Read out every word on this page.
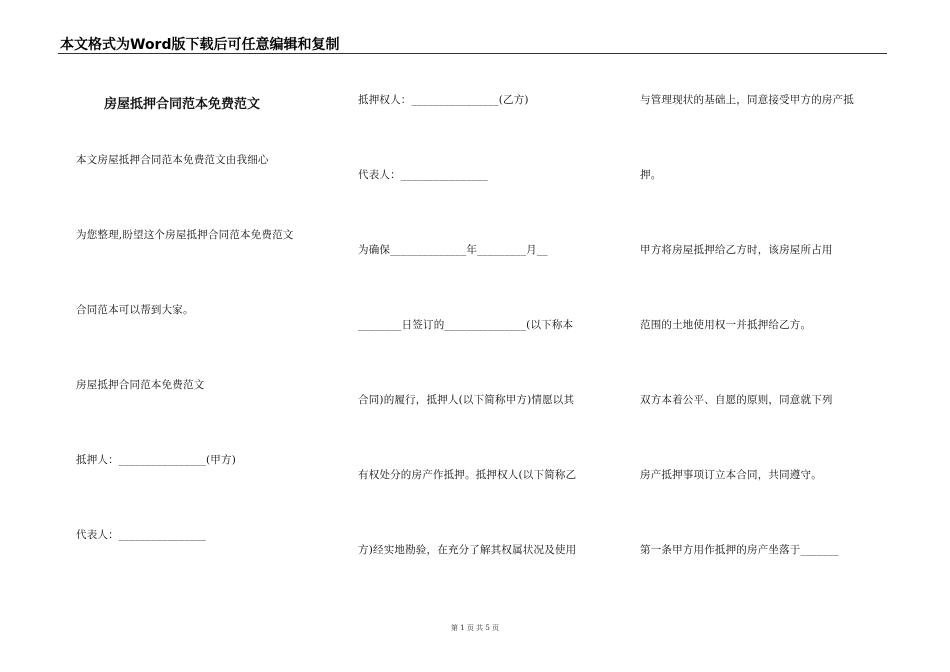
本文格式为Word版下载后可任意编辑和复制
房屋抵押合同范本免费范文
本文房屋抵押合同范本免费范文由我细心
为您整理,盼望这个房屋抵押合同范本免费范文
合同范本可以帮到大家。
房屋抵押合同范本免费范文
抵押人：________________(甲方)
代表人：________________
抵押权人：________________(乙方)
代表人：________________
为确保______________年_________月__
________日签订的_______________(以下称本
合同)的履行，抵押人(以下简称甲方)情愿以其
有权处分的房产作抵押。抵押权人(以下简称乙
方)经实地勘验，在充分了解其权属状况及使用
与管理现状的基础上，同意接受甲方的房产抵
押。
甲方将房屋抵押给乙方时，该房屋所占用
范围的土地使用权一并抵押给乙方。
双方本着公平、自愿的原则，同意就下列
房产抵押事项订立本合同，共同遵守。
第一条甲方用作抵押的房产坐落于_______
第 1 页 共 5 页
